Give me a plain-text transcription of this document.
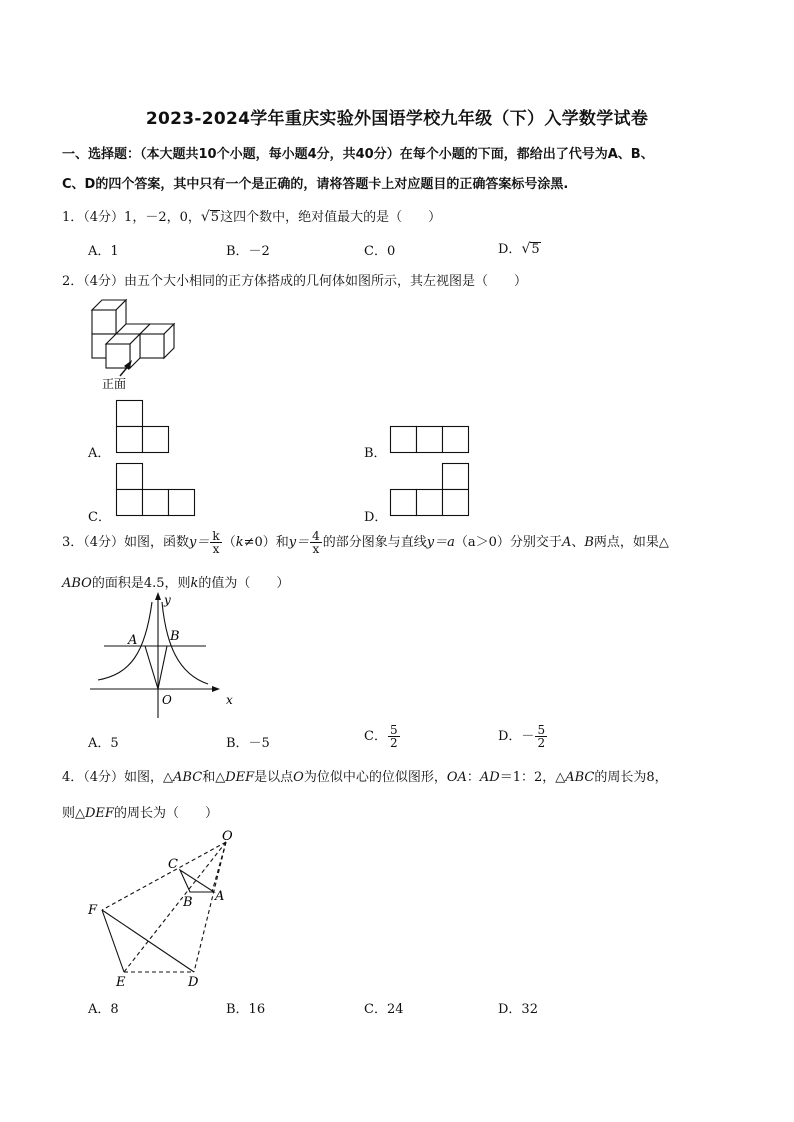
2023-2024学年重庆实验外国语学校九年级（下）入学数学试卷
一、选择题：（本大题共10个小题，每小题4分，共40分）在每个小题的下面，都给出了代号为A、B、
C、D的四个答案，其中只有一个是正确的，请将答题卡上对应题目的正确答案标号涂黑.
1．（4分）1，－2，0， √ 5 这四个数中，绝对值最大的是（　　）
A．1	B．－2	C．0	D． √ 5
2．（4分）由五个大小相同的正方体搭成的几何体如图所示，其左视图是（　　）
正面
A．	B．
C．	D．
3．（4分）如图，函数$y= \frac{k}{x} (k\ne 0)$和$y= \frac{4}{x}$ 的部分图象与直线y＝a（a＞0）分别交于A、B两点，如果△
ABO的面积是4.5，则k的值为（　　）
y
x
A	B
O
A．5	B．－5	C． $\frac{5}{2}$	D．－ $\frac{5}{2}$
4．（4分）如图，△ABC和△DEF是以点O为位似中心的位似图形，OA：AD＝1：2，△ABC的周长为8，
则△DEF的周长为（　　）
O
C
B A
F
E	D
A．8	B．16	C．24	D．32
